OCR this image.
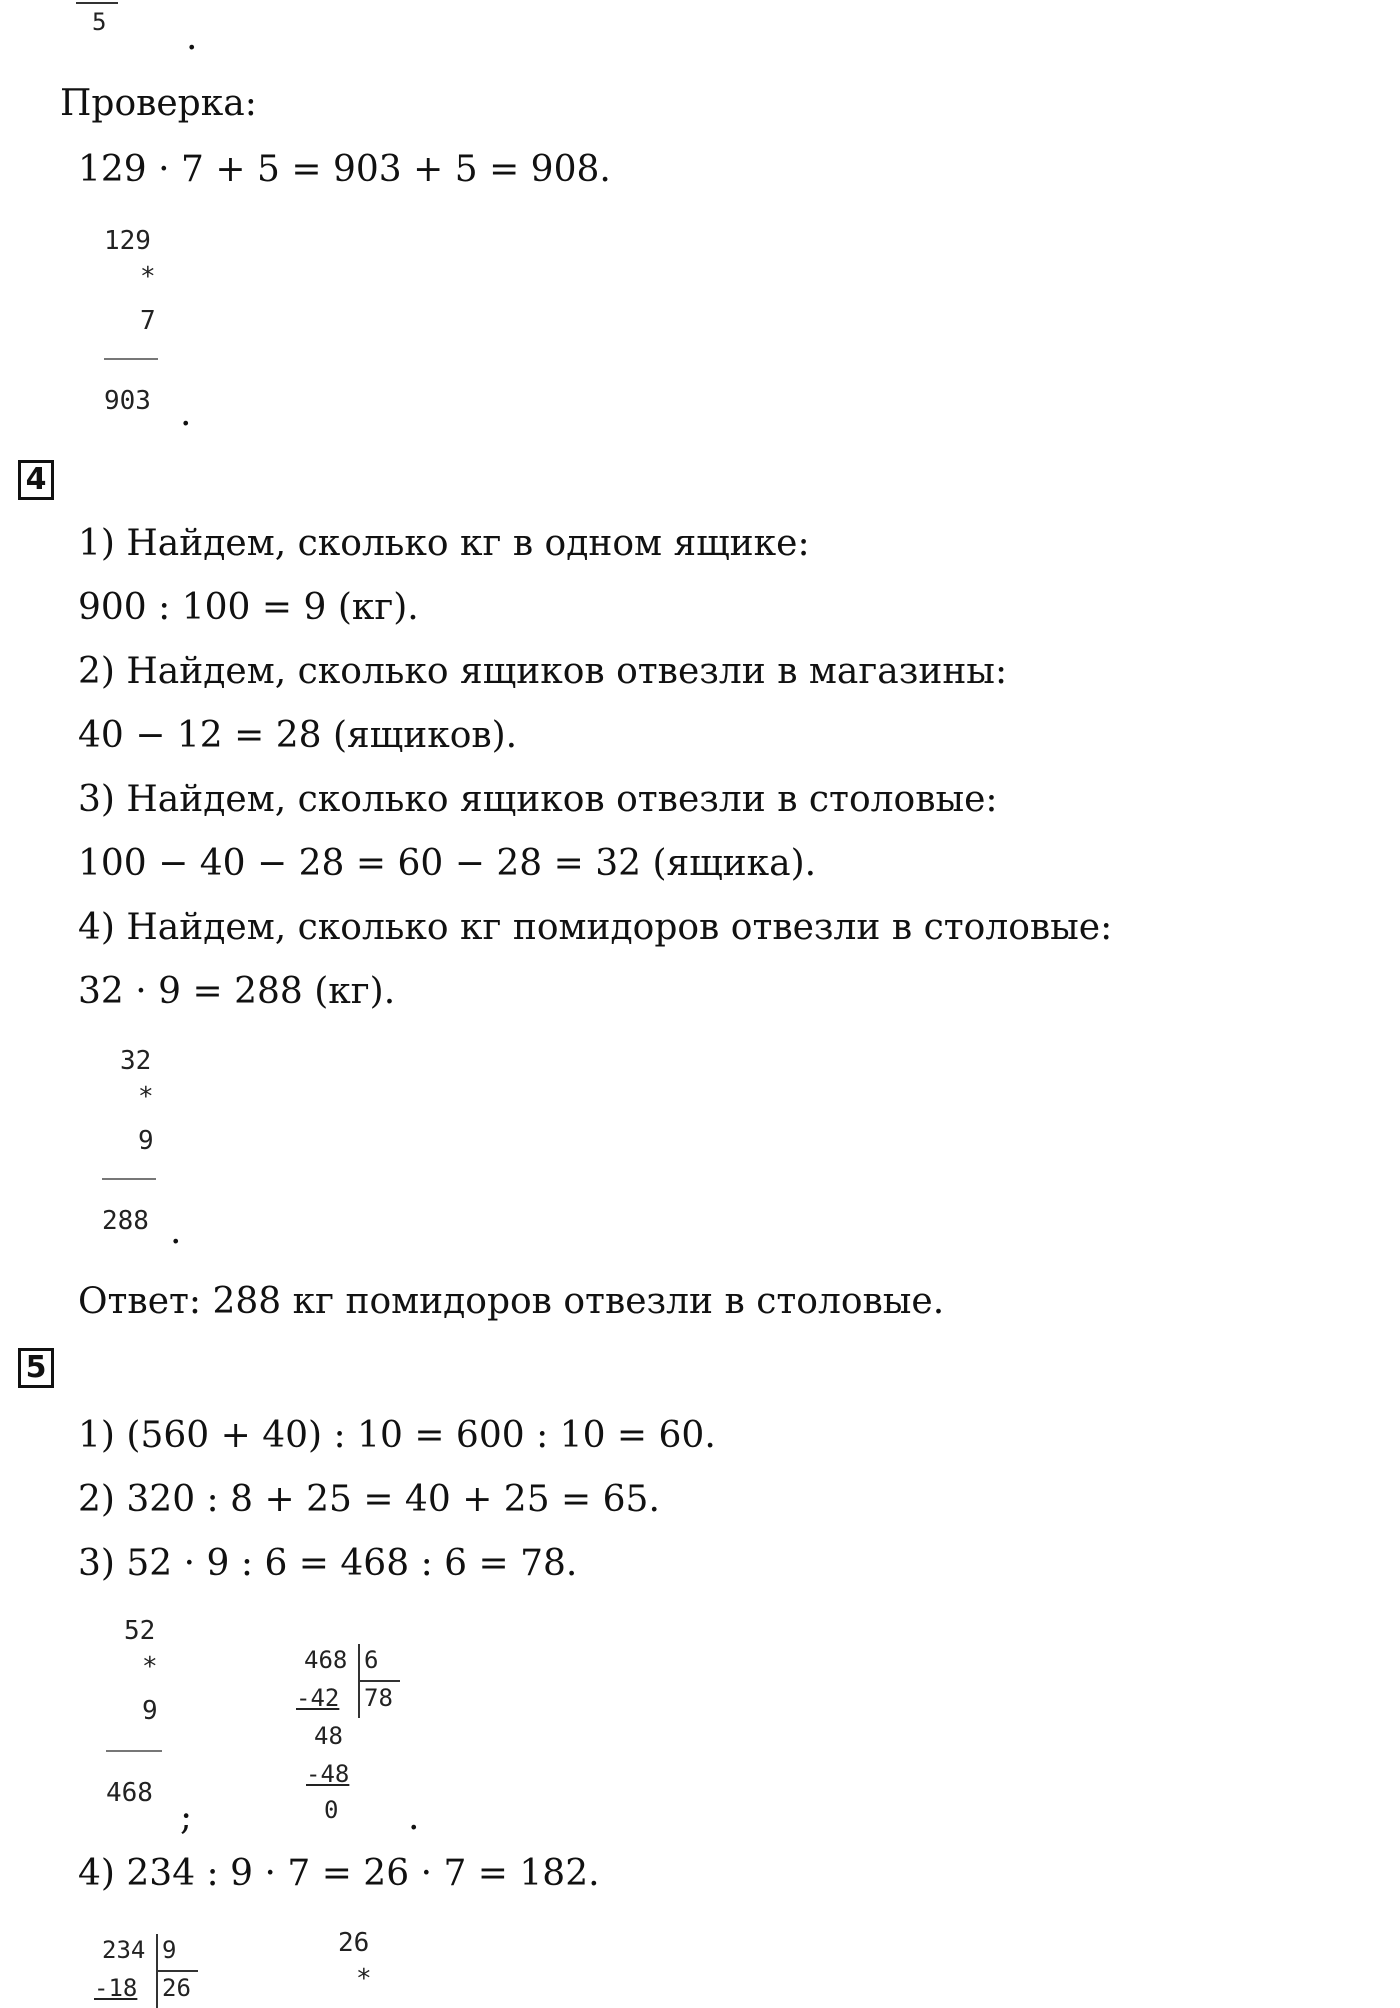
5 .
Проверка:
129 · 7 + 5 = 903 + 5 = 908.
129
*
7
903 .
4
1) Найдем, сколько кг в одном ящике:
900 : 100 = 9 (кг).
2) Найдем, сколько ящиков отвезли в магазины:
40 − 12 = 28 (ящиков).
3) Найдем, сколько ящиков отвезли в столовые:
100 − 40 − 28 = 60 − 28 = 32 (ящика).
4) Найдем, сколько кг помидоров отвезли в столовые:
32 · 9 = 288 (кг).
32
*
9
288 .
Ответ: 288 кг помидоров отвезли в столовые.
5
1) (560 + 40) : 10 = 600 : 10 = 60.
2) 320 : 8 + 25 = 40 + 25 = 65.
3) 52 · 9 : 6 = 468 : 6 = 78.
52
*
9
468
;
468 6
78
-42
48
-48
0 .
4) 234 : 9 · 7 = 26 · 7 = 182.
234 9
26
-18
26
*
